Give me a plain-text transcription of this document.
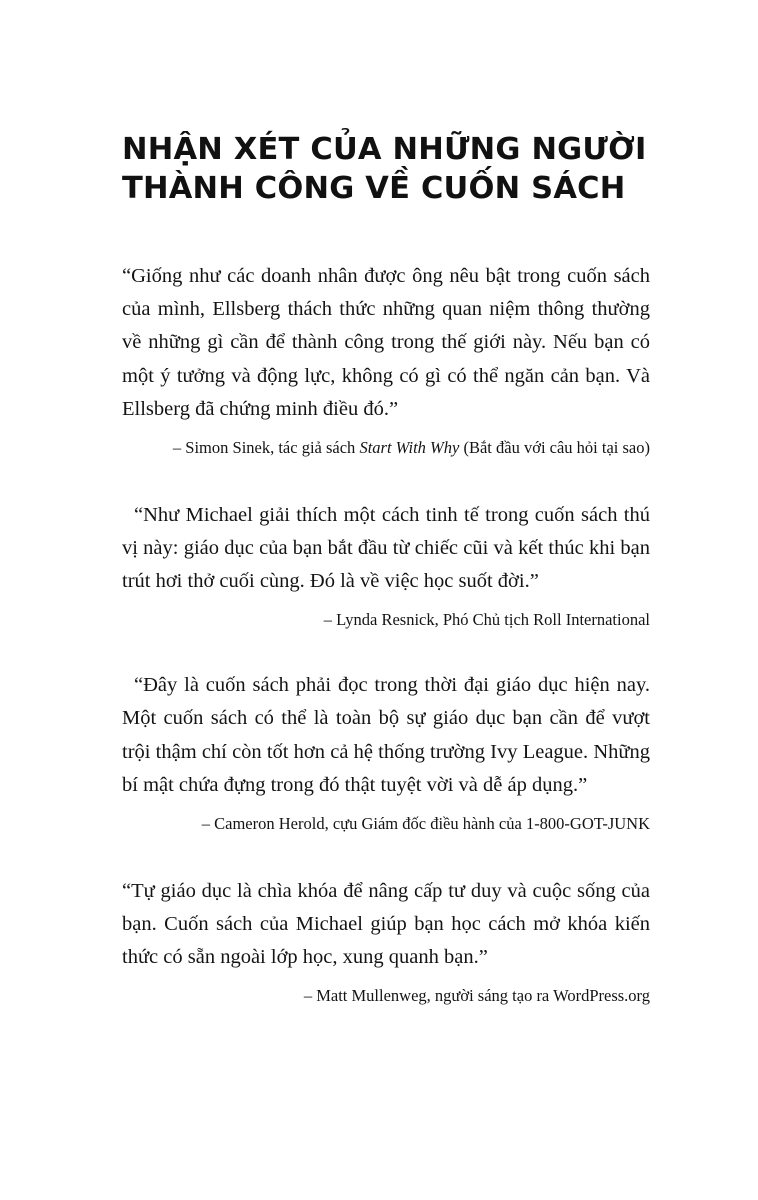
NHẬN XÉT CỦA NHỮNG NGƯỜI
THÀNH CÔNG VỀ CUỐN SÁCH

“Giống như các doanh nhân được ông nêu bật trong cuốn sách của mình, Ellsberg thách thức những quan niệm thông thường về những gì cần để thành công trong thế giới này. Nếu bạn có một ý tưởng và động lực, không có gì có thể ngăn cản bạn. Và Ellsberg đã chứng minh điều đó.”

– Simon Sinek, tác giả sách Start With Why (Bắt đầu với câu hỏi tại sao)

“Như Michael giải thích một cách tinh tế trong cuốn sách thú vị này: giáo dục của bạn bắt đầu từ chiếc cũi và kết thúc khi bạn trút hơi thở cuối cùng. Đó là về việc học suốt đời.”

– Lynda Resnick, Phó Chủ tịch Roll International

“Đây là cuốn sách phải đọc trong thời đại giáo dục hiện nay. Một cuốn sách có thể là toàn bộ sự giáo dục bạn cần để vượt trội thậm chí còn tốt hơn cả hệ thống trường Ivy League. Những bí mật chứa đựng trong đó thật tuyệt vời và dễ áp dụng.”

– Cameron Herold, cựu Giám đốc điều hành của 1-800-GOT-JUNK

“Tự giáo dục là chìa khóa để nâng cấp tư duy và cuộc sống của bạn. Cuốn sách của Michael giúp bạn học cách mở khóa kiến thức có sẵn ngoài lớp học, xung quanh bạn.”

– Matt Mullenweg, người sáng tạo ra WordPress.org
